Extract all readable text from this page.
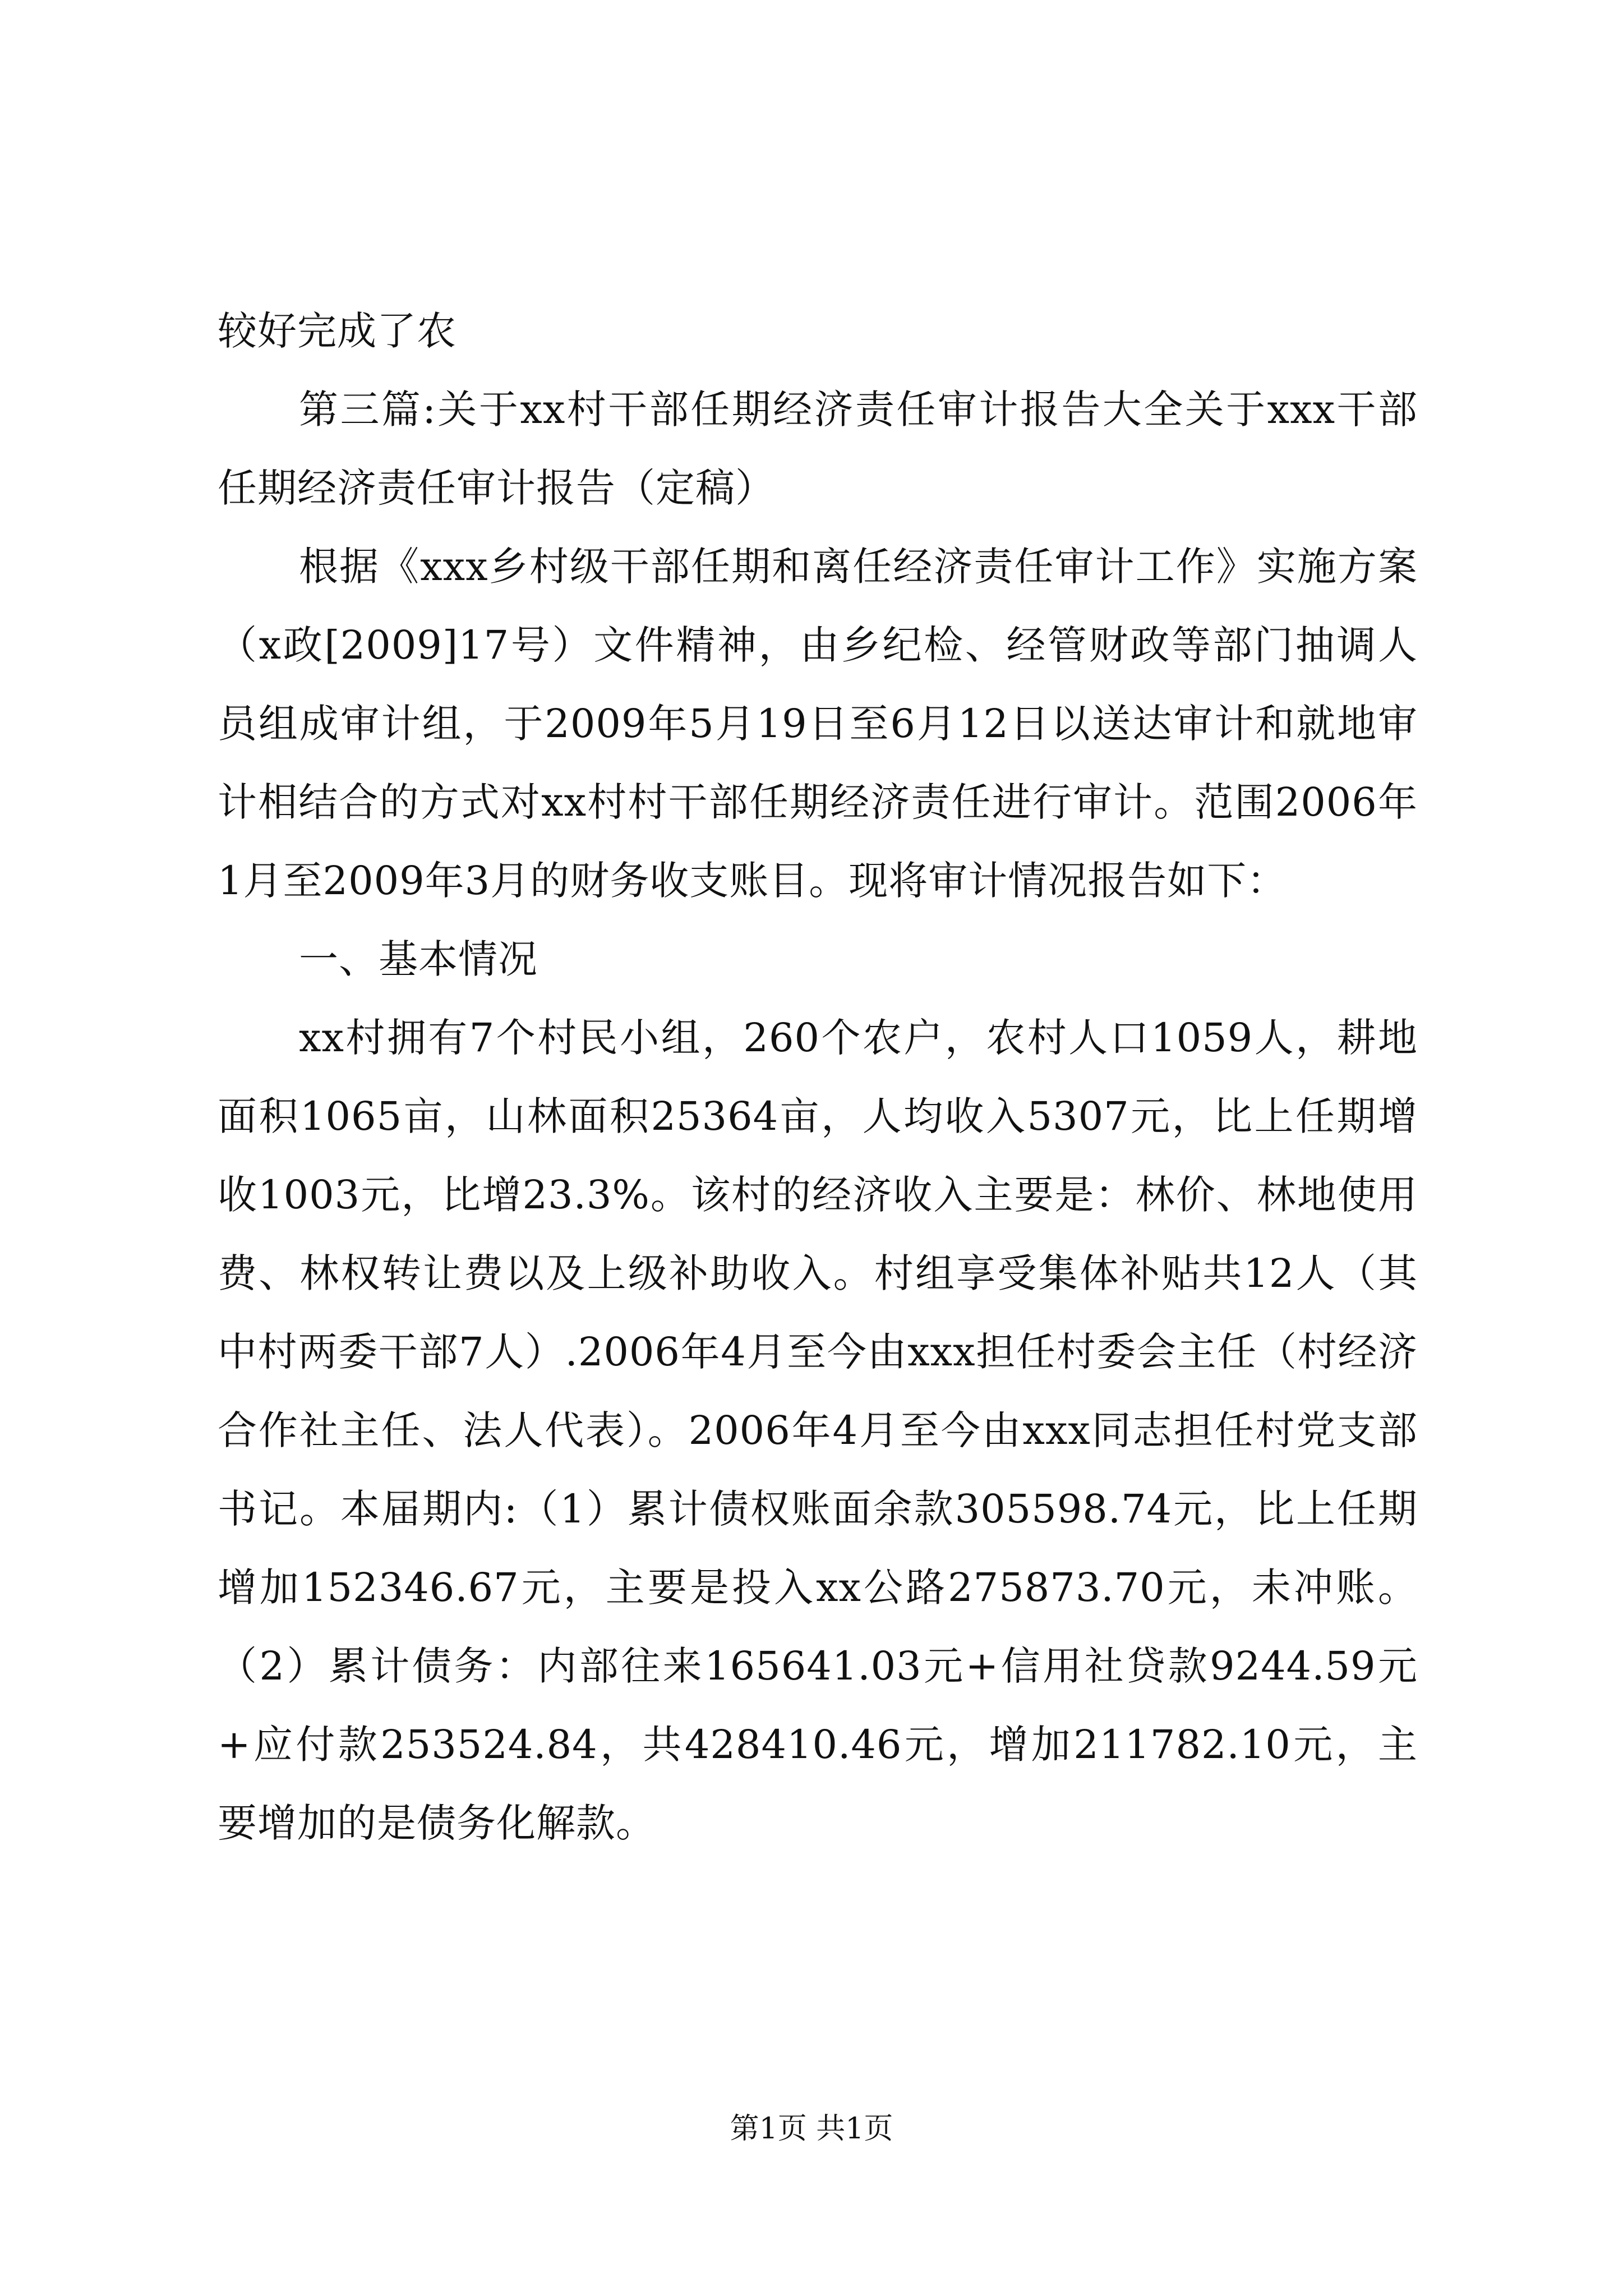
较好完成了农

第三篇:关于xx村干部任期经济责任审计报告大全关于xxx干部任期经济责任审计报告（定稿）

根据《xxx乡村级干部任期和离任经济责任审计工作》实施方案（x政[2009]17号）文件精神，由乡纪检、经管财政等部门抽调人员组成审计组，于2009年5月19日至6月12日以送达审计和就地审计相结合的方式对xx村村干部任期经济责任进行审计。范围2006年1月至2009年3月的财务收支账目。现将审计情况报告如下：

一、基本情况

xx村拥有7个村民小组，260个农户，农村人口1059人，耕地面积1065亩，山林面积25364亩，人均收入5307元，比上任期增收1003元，比增23.3%。该村的经济收入主要是：林价、林地使用费、林权转让费以及上级补助收入。村组享受集体补贴共12人（其中村两委干部7人）.2006年4月至今由xxx担任村委会主任（村经济合作社主任、法人代表）。2006年4月至今由xxx同志担任村党支部书记。本届期内:（1）累计债权账面余款305598.74元，比上任期增加152346.67元，主要是投入xx公路275873.70元，未冲账。（2）累计债务：内部往来165641.03元+信用社贷款9244.59元+应付款253524.84，共428410.46元，增加211782.10元，主要增加的是债务化解款。

第1页 共1页
